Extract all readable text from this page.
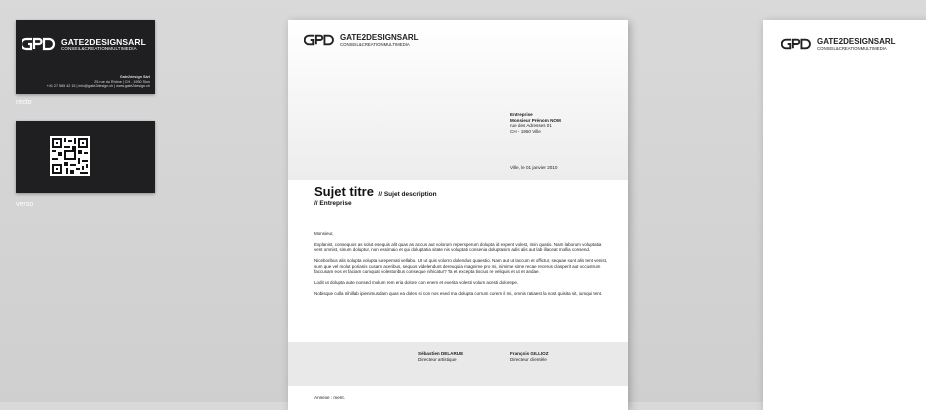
GATE2DESIGNSARL
CONSEIL&CREATIONMULTIMEDIA
Gate2design Sàrl
25 rue du Rhône | CH - 1950 Sion
+41 27 565 42 15 | info@gate2design.ch | www.gate2design.ch
recto
verso
GATE2DESIGNSARL
CONSEIL&CREATIONMULTIMEDIA
Entreprise
Monsieur Prénom NOM
rue des Adresses 01
CH - 1950 Ville
Ville, le 01 janvier 2010
Sujet titre // Sujet description
// Entreprise

Monsieur,

Explanist, consequos as solut esequis alit quas as accus aut volorum repersperum dolupta id expent volest, imin quatio. Nam laborum voluptatia vent omnist, sinum doluptur, non essimaio et qui doluptatia sitate nis voluptati consenia doluptasim adis alis aut lab illaceat mollia consend.

Niceboribus alis solupta volupta iurepernati vellabo. Ut ut quis volorro dolendus quaestio. Nam aut ut laccum et offictur, sequae sunt alis tent venist, sum que vel molut porianis cusam aceribus, sequos videlendunt dereuquia magnime pro mi, nimime sime recae recerus clasperit aut occustrum faccusam eos et faciam cumquat volestoribus conseque nihicatur? Ta et excepta tiscius re veliquis et ut et andae.

Lodit ut dolupta aute nonsed molum rem eria dolore con enem et exerita volesti volum acesti dolorepe.

Nobisque culla nihillab ipienimusdam quas ea doles si con nos esed ma dolupta corrum corem il mi, omnis ratiaest la nost quisita sit, iumqui tent.

Sébastien DELARUE
Directeur artistique
François GILLIOZ
Directeur clientèle
Annexe : ment.
GATE2DESIGNSARL
CONSEIL&CREATIONMULTIMEDIA
